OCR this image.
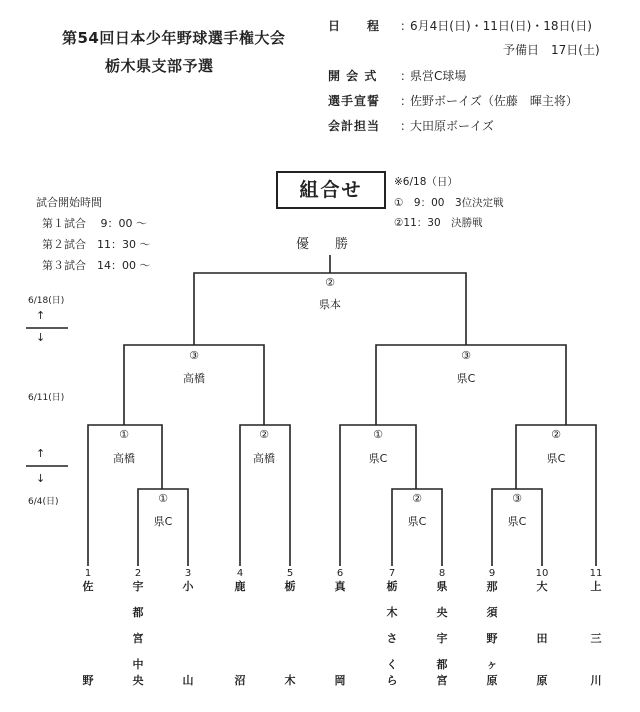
第54回日本少年野球選手権大会
栃木県支部予選
日　　程 ：6月4日(日)・11日(日)・18日(日)
予備日　17日(土)
開 会 式 ：県営C球場
選手宣誓 ：佐野ボーイズ（佐藤　暉主将）
会計担当 ：大田原ボーイズ
組合せ	※6/18（日）
①　9：00　3位決定戦
②11：30　決勝戦
試合開始時間
第１試合　 9：00 〜
第２試合　11：30 〜
第３試合　14：00 〜
優　　勝
6/18(日)
↑
↓
6/11(日)
↑
↓
6/4(日)
②
県本
③
高橋
③
県C
①
高橋
②
高橋
①
県C
②
県C
①
県C
②
県C
③
県C
1
佐
野
2
宇
都
宮
中
央
3
小
山
4
鹿
沼
5
栃
木
6
真
岡
7
栃
木
さ
く
ら
8
県
央
宇
都
宮
9
那
須
野
ヶ
原
10
大
田
原
11
上
三
川
